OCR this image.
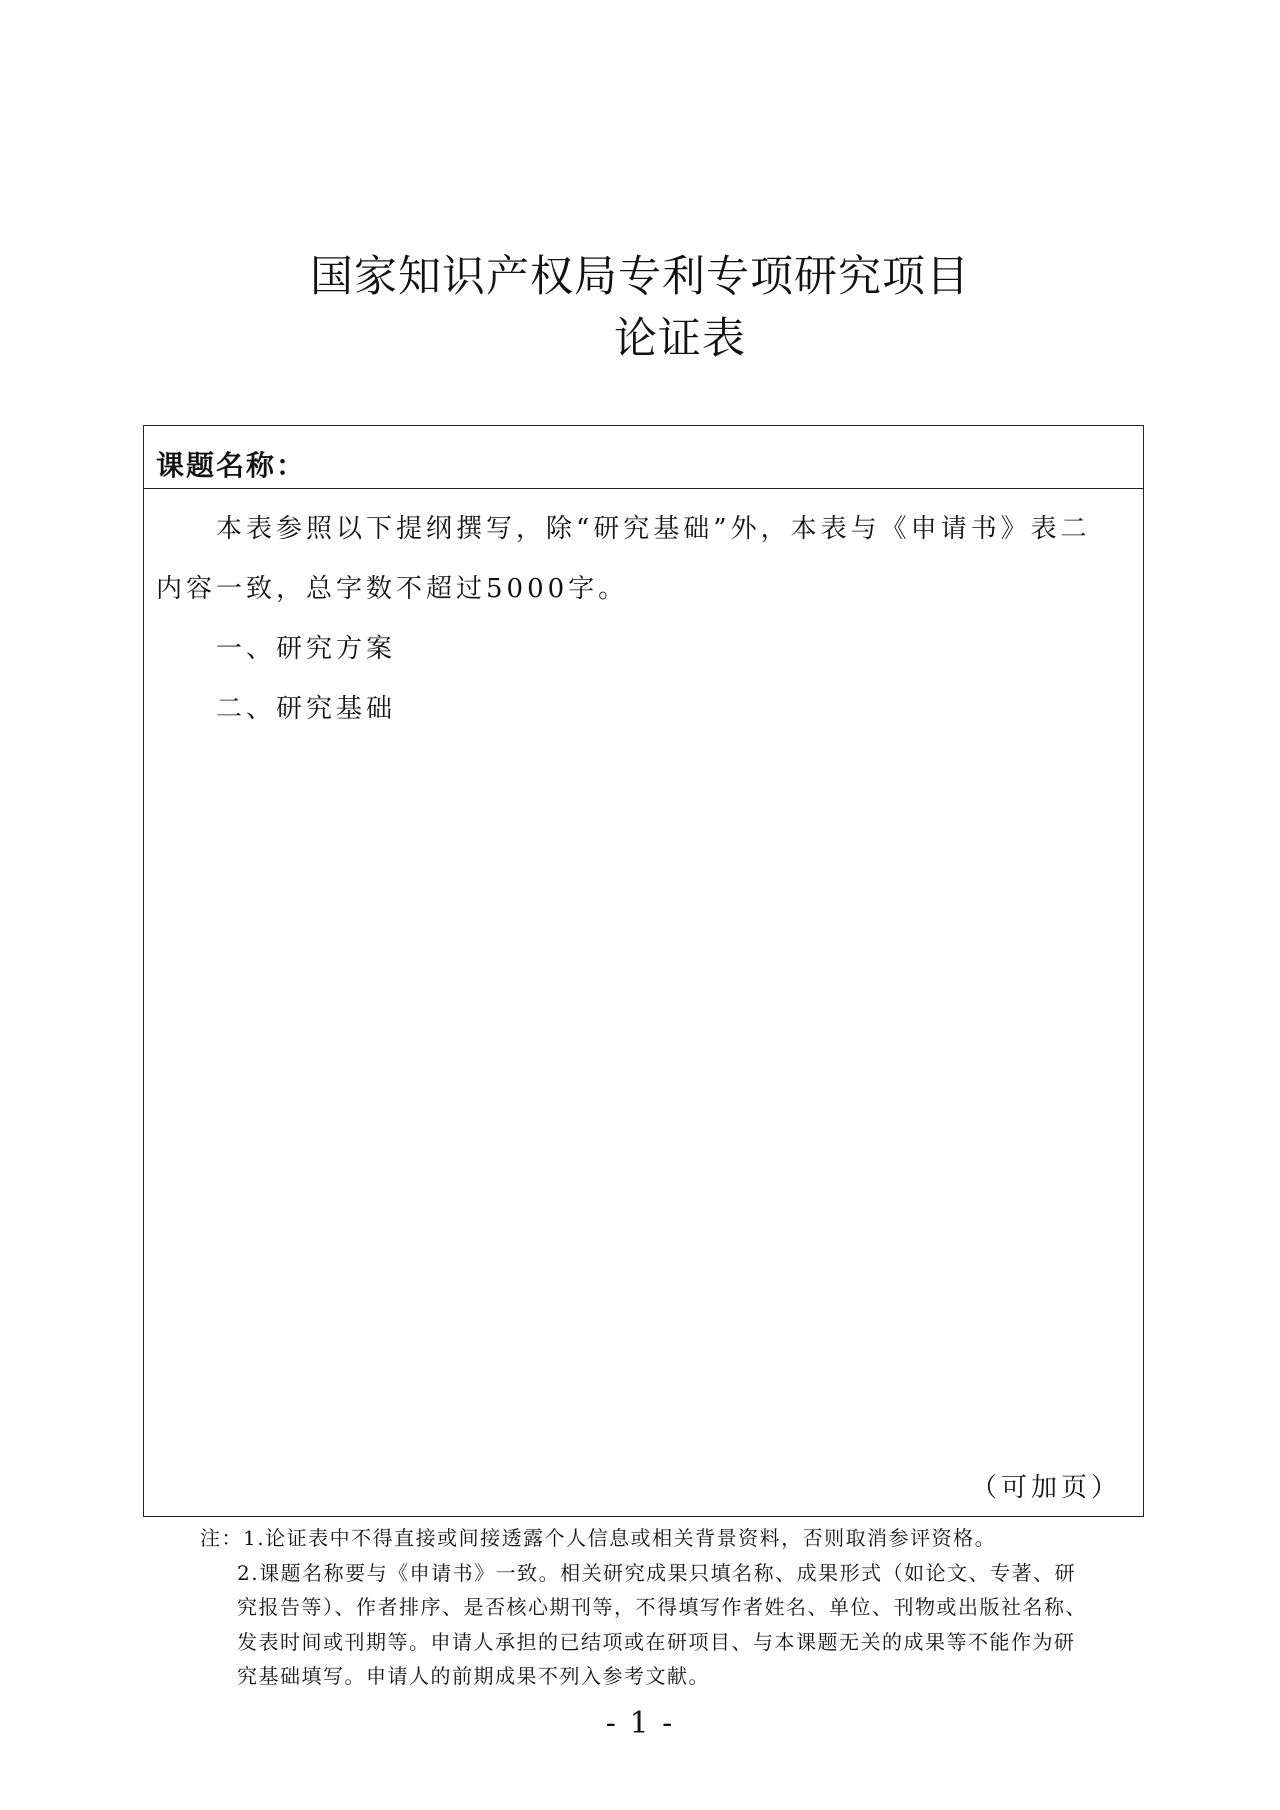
国家知识产权局专利专项研究项目
论证表
课题名称：
本表参照以下提纲撰写，除“研究基础”外，本表与《申请书》表二
内容一致，总字数不超过5000字。
一、研究方案
二、研究基础
（可加页）
注：1.论证表中不得直接或间接透露个人信息或相关背景资料，否则取消参评资格。
2.课题名称要与《申请书》一致。相关研究成果只填名称、成果形式（如论文、专著、研
究报告等）、作者排序、是否核心期刊等，不得填写作者姓名、单位、刊物或出版社名称、
发表时间或刊期等。申请人承担的已结项或在研项目、与本课题无关的成果等不能作为研
究基础填写。申请人的前期成果不列入参考文献。
- 1 -
